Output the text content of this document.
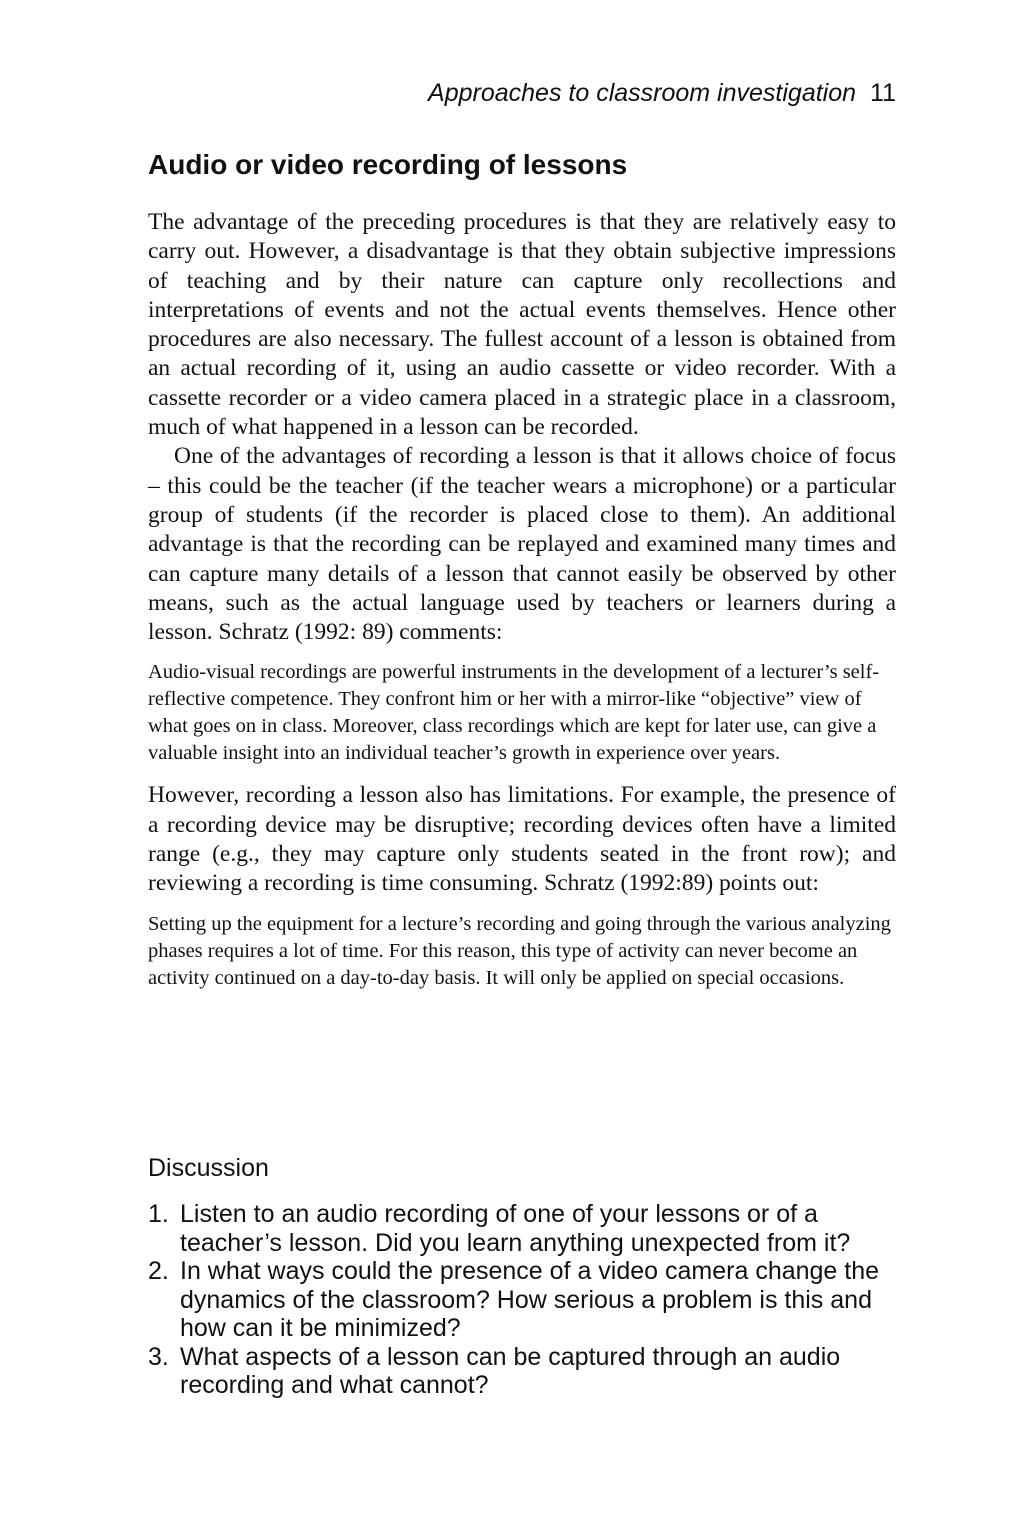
Approaches to classroom investigation 11
Audio or video recording of lessons

The advantage of the preceding procedures is that they are relatively easy to carry out. However, a disadvantage is that they obtain subjective impressions of teaching and by their nature can capture only recollections and interpretations of events and not the actual events themselves. Hence other procedures are also necessary. The fullest account of a lesson is obtained from an actual recording of it, using an audio cassette or video recorder. With a cassette recorder or a video camera placed in a strategic place in a classroom, much of what happened in a lesson can be recorded.

One of the advantages of recording a lesson is that it allows choice of focus – this could be the teacher (if the teacher wears a microphone) or a particular group of students (if the recorder is placed close to them). An additional advantage is that the recording can be replayed and examined many times and can capture many details of a lesson that cannot easily be observed by other means, such as the actual language used by teachers or learners during a lesson. Schratz (1992: 89) comments:

Audio-visual recordings are powerful instruments in the development of a lecturer’s self-reflective competence. They confront him or her with a mirror-like “objective” view of what goes on in class. Moreover, class recordings which are kept for later use, can give a valuable insight into an individual teacher’s growth in experience over years.

However, recording a lesson also has limitations. For example, the presence of a recording device may be disruptive; recording devices often have a limited range (e.g., they may capture only students seated in the front row); and reviewing a recording is time consuming. Schratz (1992:89) points out:

Setting up the equipment for a lecture’s recording and going through the various analyzing phases requires a lot of time. For this reason, this type of activity can never become an activity continued on a day-to-day basis. It will only be applied on special occasions.
Discussion
1. Listen to an audio recording of one of your lessons or of a teacher’s lesson. Did you learn anything unexpected from it?
2. In what ways could the presence of a video camera change the dynamics of the classroom? How serious a problem is this and how can it be minimized?
3. What aspects of a lesson can be captured through an audio recording and what cannot?
